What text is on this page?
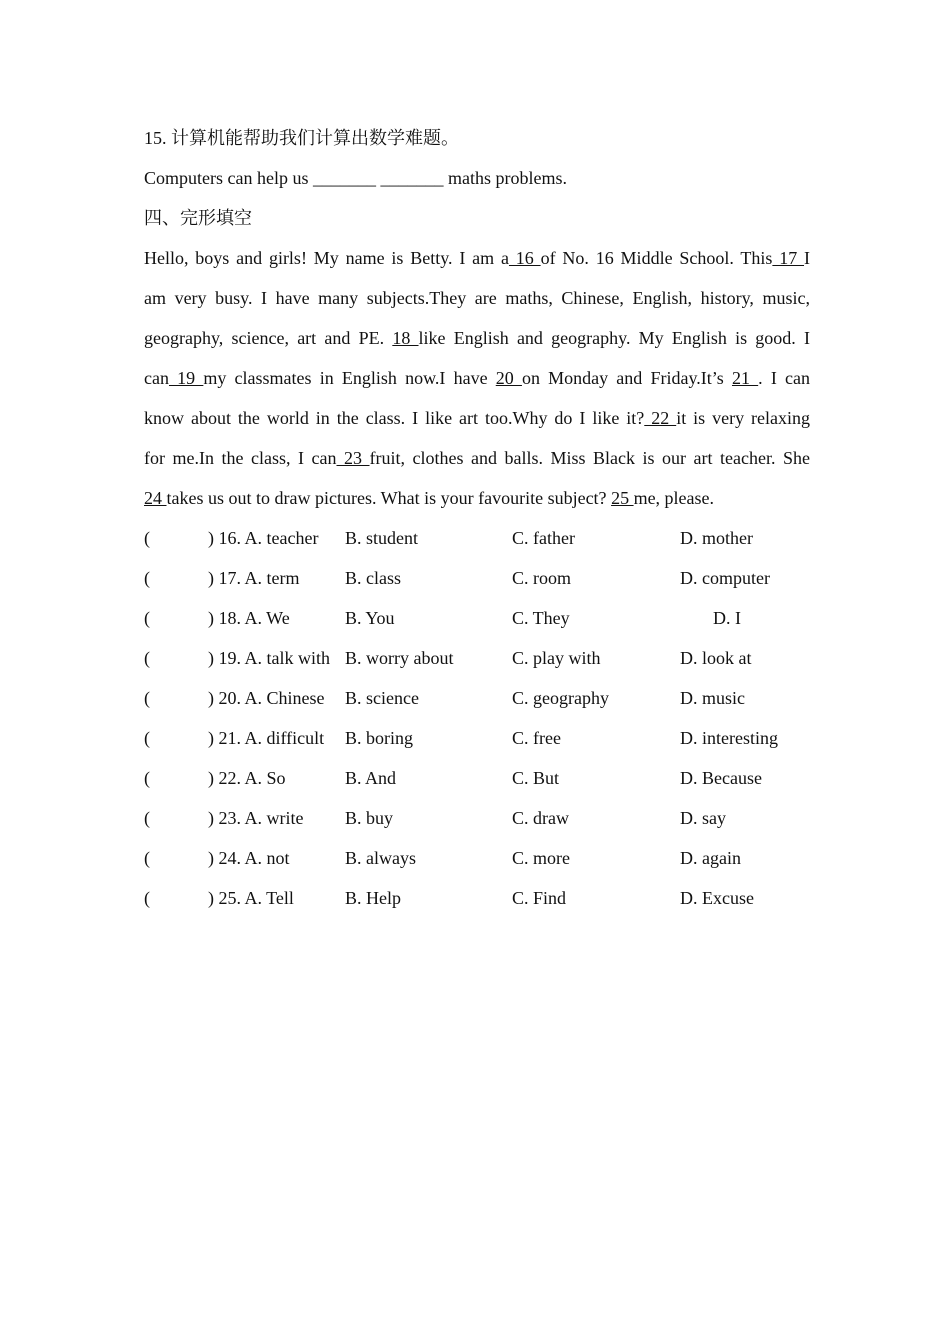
15. 计算机能帮助我们计算出数学难题。
Computers can help us _______ _______ maths problems.
四、完形填空
Hello, boys and girls! My name is Betty. I am a 16 of No. 16 Middle School. This 17 I
am very busy. I have many subjects.They are maths, Chinese, English, history, music,
geography, science, art and PE. 18 like English and geography. My English is good. I
can 19 my classmates in English now.I have 20 on Monday and Friday.It’s 21 . I can
know about the world in the class. I like art too.Why do I like it? 22 it is very relaxing
for me.In the class, I can 23 fruit, clothes and balls. Miss Black is our art teacher. She
24 takes us out to draw pictures. What is your favourite subject? 25 me, please.
(	) 16. A. teacher B. student	C. father	D. mother
(	) 17. A. term	B. class	C. room	D. computer
(	) 18. A. We	B. You	C. They	D. I
(	) 19. A. talk with B. worry about	C. play with	D. look at
(	) 20. A. Chinese B. science	C. geography	D. music
(	) 21. A. difficult B. boring	C. free	D. interesting
(	) 22. A. So	B. And	C. But	D. Because
(	) 23. A. write B. buy	C. draw	D. say
(	) 24. A. not	B. always	C. more	D. again
(	) 25. A. Tell	B. Help	C. Find	D. Excuse
